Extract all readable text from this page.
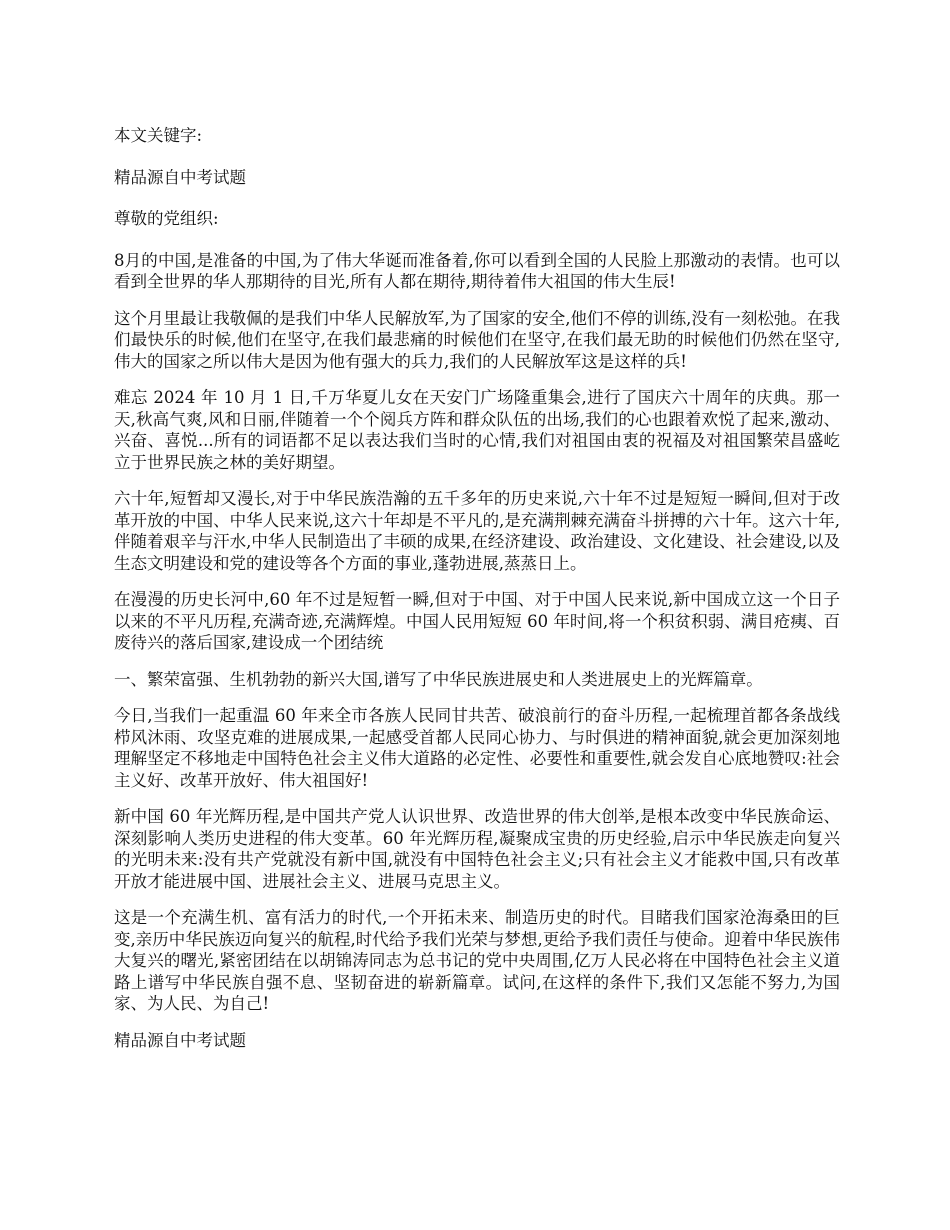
本文关键字:

精品源自中考试题

尊敬的党组织:

8月的中国,是准备的中国,为了伟大华诞而准备着,你可以看到全国的人民脸上那激动的表情。也可以看到全世界的华人那期待的目光,所有人都在期待,期待着伟大祖国的伟大生辰!

这个月里最让我敬佩的是我们中华人民解放军,为了国家的安全,他们不停的训练,没有一刻松弛。在我们最快乐的时候,他们在坚守,在我们最悲痛的时候他们在坚守,在我们最无助的时候他们仍然在坚守,伟大的国家之所以伟大是因为他有强大的兵力,我们的人民解放军这是这样的兵!

难忘 2024 年 10 月 1 日,千万华夏儿女在天安门广场隆重集会,进行了国庆六十周年的庆典。那一天,秋高气爽,风和日丽,伴随着一个个阅兵方阵和群众队伍的出场,我们的心也跟着欢悦了起来,激动、兴奋、喜悦...所有的词语都不足以表达我们当时的心情,我们对祖国由衷的祝福及对祖国繁荣昌盛屹立于世界民族之林的美好期望。

六十年,短暂却又漫长,对于中华民族浩瀚的五千多年的历史来说,六十年不过是短短一瞬间,但对于改革开放的中国、中华人民来说,这六十年却是不平凡的,是充满荆棘充满奋斗拼搏的六十年。这六十年,伴随着艰辛与汗水,中华人民制造出了丰硕的成果,在经济建设、政治建设、文化建设、社会建设,以及生态文明建设和党的建设等各个方面的事业,蓬勃进展,蒸蒸日上。

在漫漫的历史长河中,60 年不过是短暂一瞬,但对于中国、对于中国人民来说,新中国成立这一个日子以来的不平凡历程,充满奇迹,充满辉煌。中国人民用短短 60 年时间,将一个积贫积弱、满目疮痍、百废待兴的落后国家,建设成一个团结统

一、繁荣富强、生机勃勃的新兴大国,谱写了中华民族进展史和人类进展史上的光辉篇章。

今日,当我们一起重温 60 年来全市各族人民同甘共苦、破浪前行的奋斗历程,一起梳理首都各条战线栉风沐雨、攻坚克难的进展成果,一起感受首都人民同心协力、与时俱进的精神面貌,就会更加深刻地理解坚定不移地走中国特色社会主义伟大道路的必定性、必要性和重要性,就会发自心底地赞叹:社会主义好、改革开放好、伟大祖国好!

新中国 60 年光辉历程,是中国共产党人认识世界、改造世界的伟大创举,是根本改变中华民族命运、深刻影响人类历史进程的伟大变革。60 年光辉历程,凝聚成宝贵的历史经验,启示中华民族走向复兴的光明未来:没有共产党就没有新中国,就没有中国特色社会主义;只有社会主义才能救中国,只有改革开放才能进展中国、进展社会主义、进展马克思主义。

这是一个充满生机、富有活力的时代,一个开拓未来、制造历史的时代。目睹我们国家沧海桑田的巨变,亲历中华民族迈向复兴的航程,时代给予我们光荣与梦想,更给予我们责任与使命。迎着中华民族伟大复兴的曙光,紧密团结在以胡锦涛同志为总书记的党中央周围,亿万人民必将在中国特色社会主义道路上谱写中华民族自强不息、坚韧奋进的崭新篇章。试问,在这样的条件下,我们又怎能不努力,为国家、为人民、为自己!

精品源自中考试题
